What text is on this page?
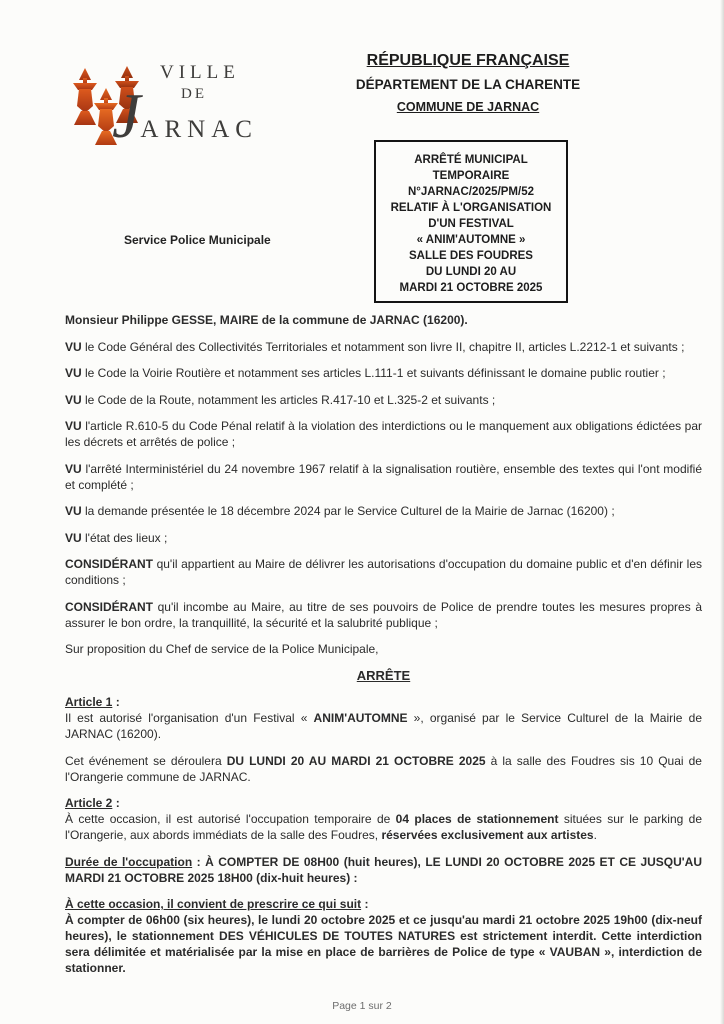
VILLE
DE
JARNAC
Service Police Municipale
RÉPUBLIQUE FRANÇAISE
DÉPARTEMENT DE LA CHARENTE
COMMUNE DE JARNAC
ARRÊTÉ MUNICIPAL
TEMPORAIRE
N°JARNAC/2025/PM/52
RELATIF À L'ORGANISATION
D'UN FESTIVAL
« ANIM'AUTOMNE »
SALLE DES FOUDRES
DU LUNDI 20 AU
MARDI 21 OCTOBRE 2025

Monsieur Philippe GESSE, MAIRE de la commune de JARNAC (16200).

VU le Code Général des Collectivités Territoriales et notamment son livre II, chapitre II, articles L.2212-1 et suivants ;

VU le Code la Voirie Routière et notamment ses articles L.111-1 et suivants définissant le domaine public routier ;

VU le Code de la Route, notamment les articles R.417-10 et L.325-2 et suivants ;

VU l'article R.610-5 du Code Pénal relatif à la violation des interdictions ou le manquement aux obligations édictées par les décrets et arrêtés de police ;

VU l'arrêté Interministériel du 24 novembre 1967 relatif à la signalisation routière, ensemble des textes qui l'ont modifié et complété ;

VU la demande présentée le 18 décembre 2024 par le Service Culturel de la Mairie de Jarnac (16200) ;

VU l'état des lieux ;

CONSIDÉRANT qu'il appartient au Maire de délivrer les autorisations d'occupation du domaine public et d'en définir les conditions ;

CONSIDÉRANT qu'il incombe au Maire, au titre de ses pouvoirs de Police de prendre toutes les mesures propres à assurer le bon ordre, la tranquillité, la sécurité et la salubrité publique ;

Sur proposition du Chef de service de la Police Municipale,

ARRÊTE

Article 1 :

Il est autorisé l'organisation d'un Festival « ANIM'AUTOMNE », organisé par le Service Culturel de la Mairie de JARNAC (16200).

Cet événement se déroulera DU LUNDI 20 AU MARDI 21 OCTOBRE 2025 à la salle des Foudres sis 10 Quai de l'Orangerie commune de JARNAC.

Article 2 :

À cette occasion, il est autorisé l'occupation temporaire de 04 places de stationnement situées sur le parking de l'Orangerie, aux abords immédiats de la salle des Foudres, réservées exclusivement aux artistes.

Durée de l'occupation : À COMPTER DE 08H00 (huit heures), LE LUNDI 20 OCTOBRE 2025 ET CE JUSQU'AU MARDI 21 OCTOBRE 2025 18H00 (dix-huit heures) :

À cette occasion, il convient de prescrire ce qui suit :

À compter de 06h00 (six heures), le lundi 20 octobre 2025 et ce jusqu'au mardi 21 octobre 2025 19h00 (dix-neuf heures), le stationnement DES VÉHICULES DE TOUTES NATURES est strictement interdit. Cette interdiction sera délimitée et matérialisée par la mise en place de barrières de Police de type « VAUBAN », interdiction de stationner.

Page 1 sur 2
